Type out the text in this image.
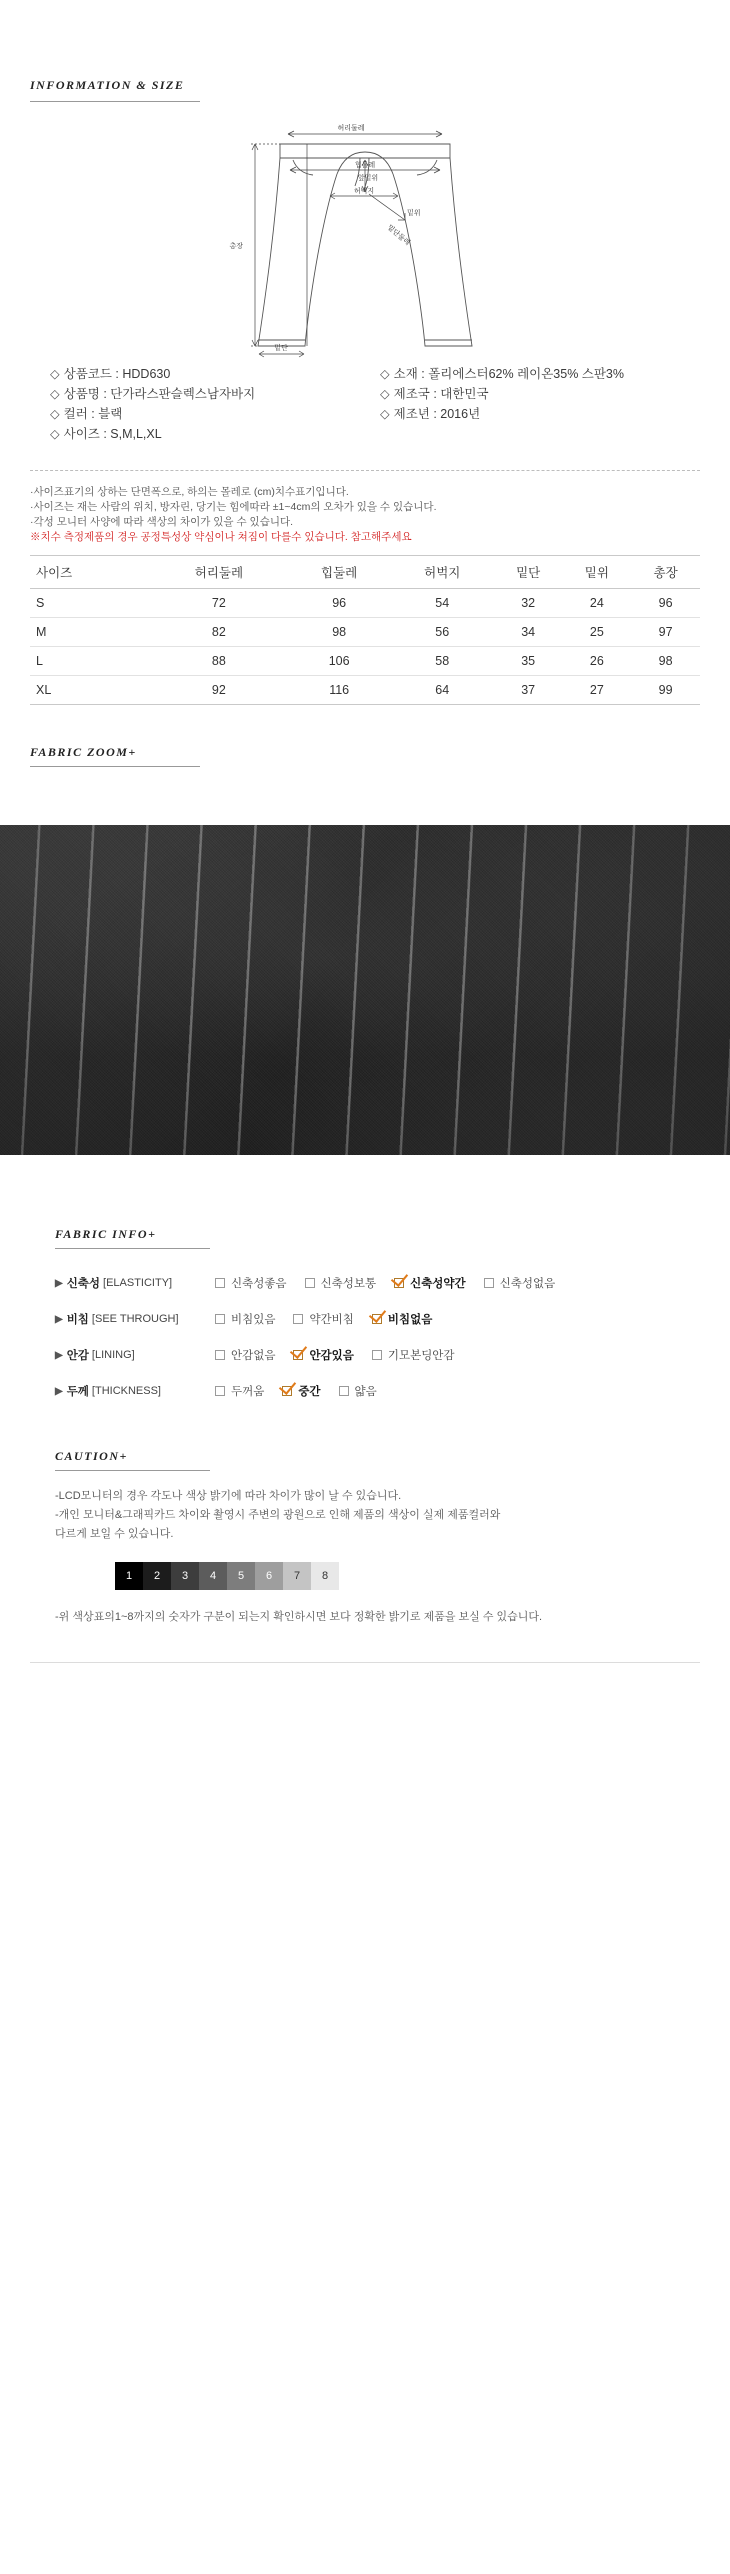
INFORMATION & SIZE
허리둘레
힙둘레
허벅지
앞밑위
밑위
총장
밑단
밑단둘레
◇ 상품코드 : HDD630
◇ 상품명 : 단가라스판슬렉스남자바지
◇ 컬러 : 블랙
◇ 사이즈 : S,M,L,XL
◇ 소재 : 폴리에스터62% 레이온35% 스판3%
◇ 제조국 : 대한민국
◇ 제조년 : 2016년
·사이즈표기의 상하는 단면폭으로, 하의는 몰레로 (cm)치수표기입니다.
·사이즈는 재는 사람의 위치, 방자린, 당기는 힘에따라 ±1~4cm의 오차가 있을 수 있습니다.
·각성 모니터 사양에 따라 색상의 차이가 있을 수 있습니다.
※치수 측정제품의 경우 공정특성상 약심이나 쳐짐이 다를수 있습니다. 참고해주세요
사이즈	허리둘레	힙둘레	허벅지	밑단	밑위	총장
S	72	96	54	32	24	96
M	82	98	56	34	25	97
L	88	106	58	35	26	98
XL	92	116	64	37	27	99
FABRIC ZOOM+
FABRIC INFO+
▶ 신축성 [ELASTICITY]	신축성좋음	신축성보통	신축성약간	신축성없음
▶ 비침 [SEE THROUGH]	비침있음	약간비침	비침없음
▶ 안감 [LINING]	안감없음	안감있음	기모본딩안감
▶ 두께 [THICKNESS]	두꺼움	중간	얇음
CAUTION+
-LCD모니터의 경우 각도나 색상 밝기에 따라 차이가 많이 날 수 있습니다.
-개인 모니터&그래픽카드 차이와 촬영시 주변의 광원으로 인해 제품의 색상이 실제 제품컬러와
다르게 보일 수 있습니다.
1	2	3	4	5	6	7	8
-위 색상표의1~8까지의 숫자가 구분이 되는지 확인하시면 보다 정확한 밝기로 제품을 보실 수 있습니다.
